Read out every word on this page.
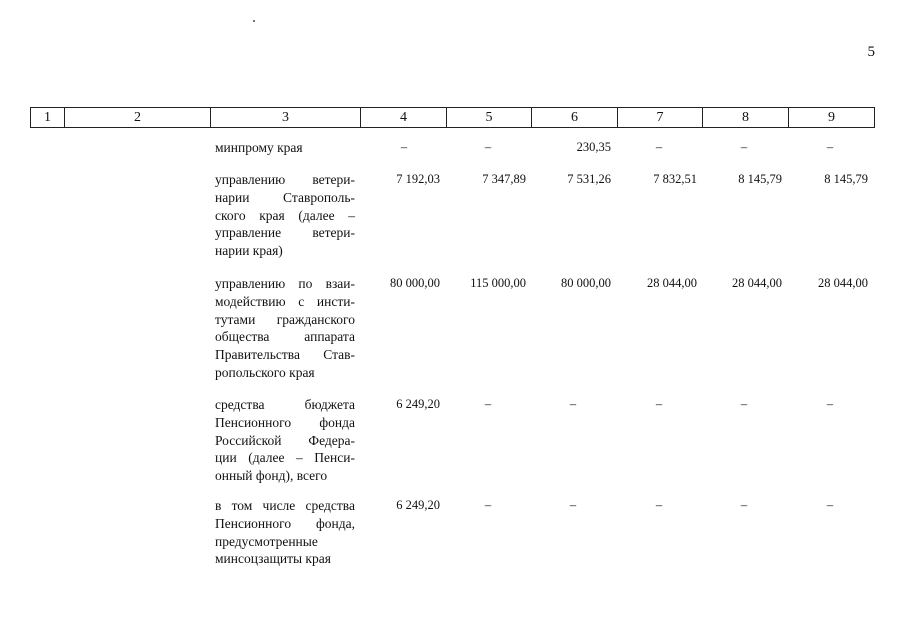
5
1	2	3	4	5	6	7	8	9
минпрому края	–	–	230,35	–	–	–
управлению ветери-
нарии Ставрополь-
ского края (далее –
управление ветери-
нарии края)
7 192,03	7 347,89	7 531,26	7 832,51	8 145,79	8 145,79
управлению по взаи-
модействию с инсти-
тутами гражданского
общества аппарата
Правительства Став-
ропольского края
80 000,00	115 000,00	80 000,00	28 044,00	28 044,00	28 044,00
средства бюджета
Пенсионного фонда
Российской Федера-
ции (далее – Пенси-
онный фонд), всего
6 249,20	–	–	–	–	–
в том числе средства
Пенсионного фонда,
предусмотренные
минсоцзащиты края
6 249,20	–	–	–	–	–
